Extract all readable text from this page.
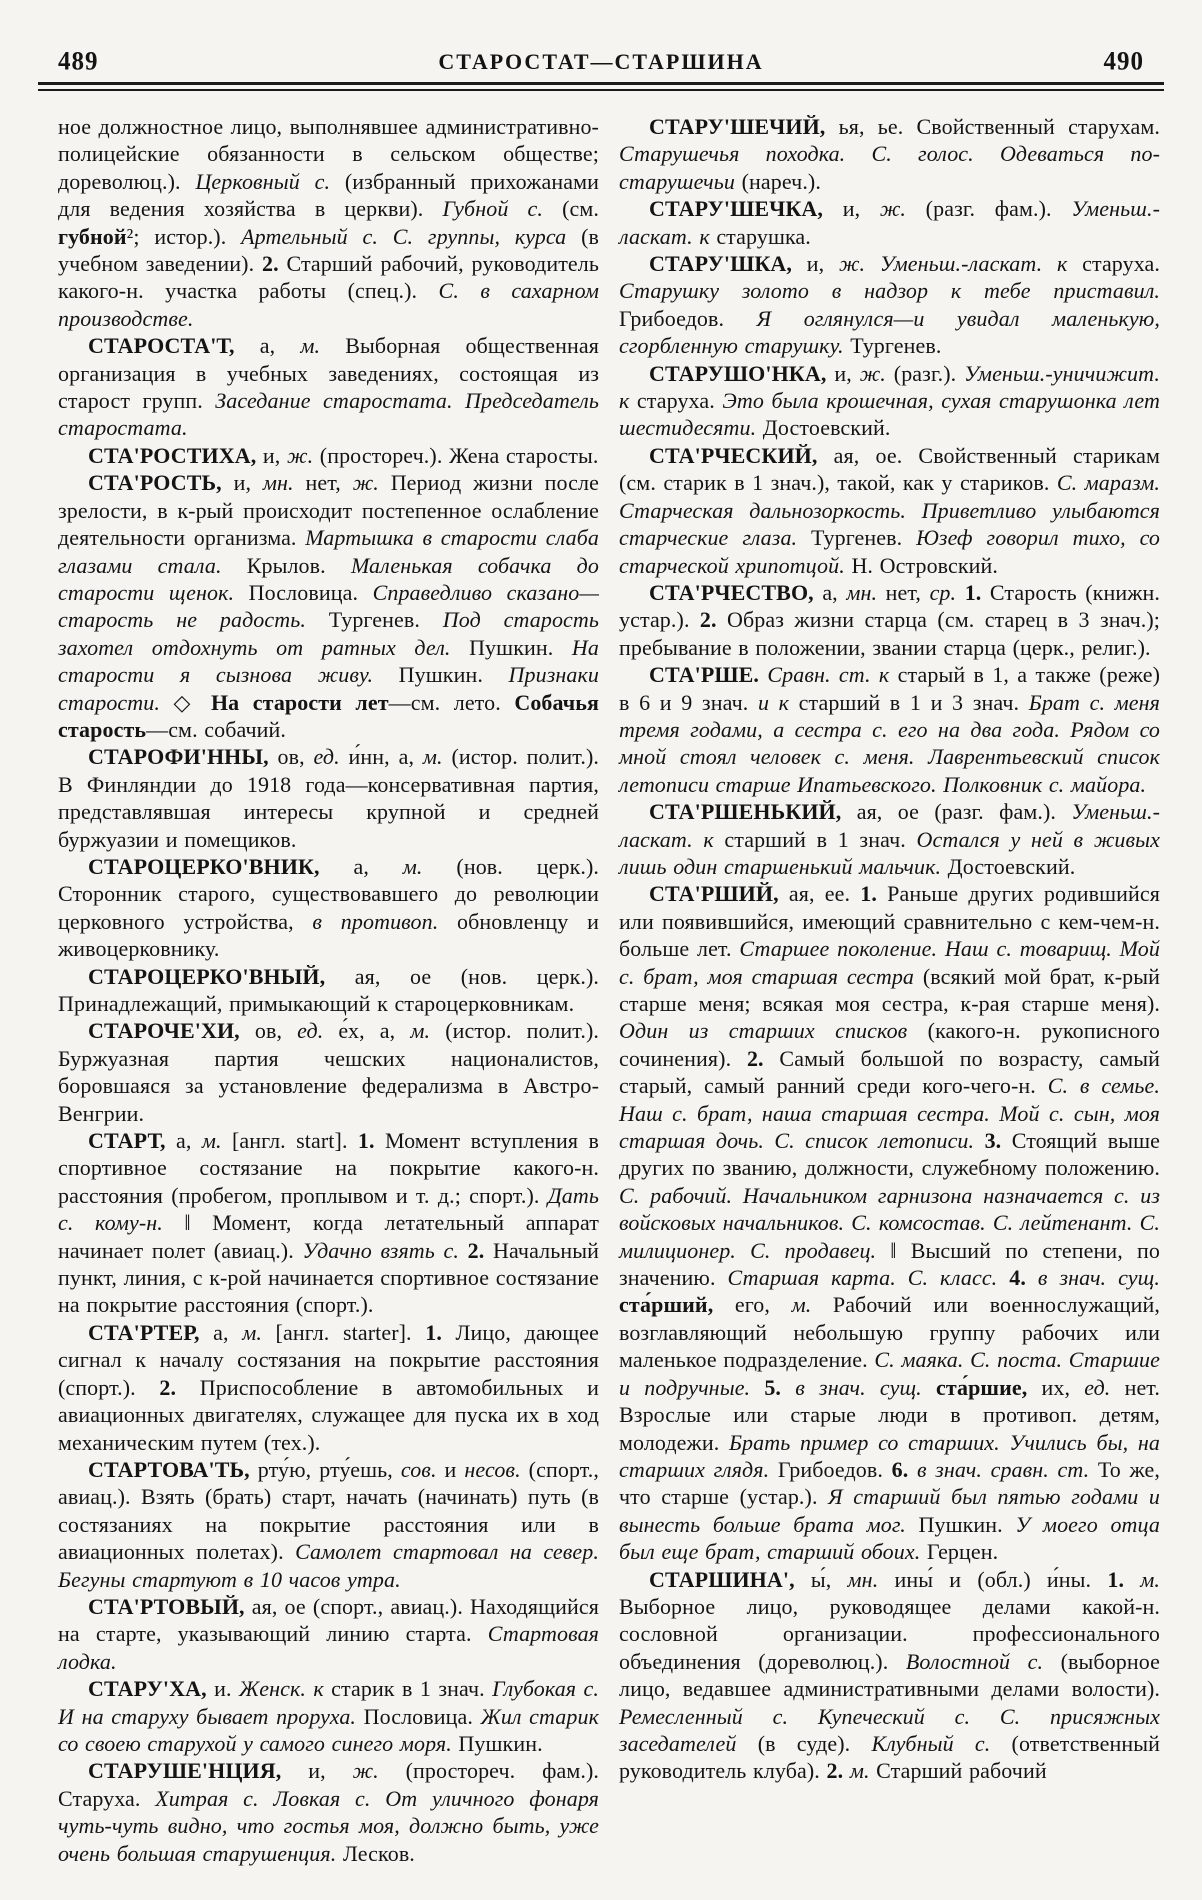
489	СТАРОСТАТ—СТАРШИНА	490

ное должностное лицо, выполнявшее административно-полицейские обязанности в сельском обществе; дореволюц.). Церковный с. (избранный прихожанами для ведения хозяйства в церкви). Губной с. (см. губной²; истор.). Артельный с. С. группы, курса (в учебном заведении). 2. Старший рабочий, руководитель какого-н. участка работы (спец.). С. в сахарном производстве.

СТАРОСТА'Т, а, м. Выборная общественная организация в учебных заведениях, состоящая из старост групп. Заседание старостата. Председатель старостата.

СТА'РОСТИХА, и, ж. (простореч.). Жена старосты.

СТА'РОСТЬ, и, мн. нет, ж. Период жизни после зрелости, в к-рый происходит постепенное ослабление деятельности организма. Мартышка в старости слаба глазами стала. Крылов. Маленькая собачка до старости щенок. Пословица. Справедливо сказано—старость не радость. Тургенев. Под старость захотел отдохнуть от ратных дел. Пушкин. На старости я сызнова живу. Пушкин. Признаки старости. ◇ На старости лет—см. лето. Собачья старость—см. собачий.

СТАРОФИ'ННЫ, ов, ед. и́нн, а, м. (истор. полит.). В Финляндии до 1918 года—консервативная партия, представлявшая интересы крупной и средней буржуазии и помещиков.

СТАРОЦЕРКО'ВНИК, а, м. (нов. церк.). Сторонник старого, существовавшего до революции церковного устройства, в противоп. обновленцу и живоцерковнику.

СТАРОЦЕРКО'ВНЫЙ, ая, ое (нов. церк.). Принадлежащий, примыкающий к староцерковникам.

СТАРОЧЕ'ХИ, ов, ед. е́х, а, м. (истор. полит.). Буржуазная партия чешских националистов, боровшаяся за установление федерализма в Австро-Венгрии.

СТАРТ, а, м. [англ. start]. 1. Момент вступления в спортивное состязание на покрытие какого-н. расстояния (пробегом, проплывом и т. д.; спорт.). Дать с. кому-н. ‖ Момент, когда летательный аппарат начинает полет (авиац.). Удачно взять с. 2. Начальный пункт, линия, с к-рой начинается спортивное состязание на покрытие расстояния (спорт.).

СТА'РТЕР, а, м. [англ. starter]. 1. Лицо, дающее сигнал к началу состязания на покрытие расстояния (спорт.). 2. Приспособление в автомобильных и авиационных двигателях, служащее для пуска их в ход механическим путем (тех.).

СТАРТОВА'ТЬ, рту́ю, рту́ешь, сов. и несов. (спорт., авиац.). Взять (брать) старт, начать (начинать) путь (в состязаниях на покрытие расстояния или в авиационных полетах). Самолет стартовал на север. Бегуны стартуют в 10 часов утра.

СТА'РТОВЫЙ, ая, ое (спорт., авиац.). Находящийся на старте, указывающий линию старта. Стартовая лодка.

СТАРУ'ХА, и. Женск. к старик в 1 знач. Глубокая с. И на старуху бывает проруха. Пословица. Жил старик со своею старухой у самого синего моря. Пушкин.

СТАРУШЕ'НЦИЯ, и, ж. (простореч. фам.). Старуха. Хитрая с. Ловкая с. От уличного фонаря чуть-чуть видно, что гостья моя, должно быть, уже очень большая старушенция. Лесков.

СТАРУ'ШЕЧИЙ, ья, ье. Свойственный старухам. Старушечья походка. С. голос. Одеваться по-старушечьи (нареч.).

СТАРУ'ШЕЧКА, и, ж. (разг. фам.). Уменьш.-ласкат. к старушка.

СТАРУ'ШКА, и, ж. Уменьш.-ласкат. к старуха. Старушку золото в надзор к тебе приставил. Грибоедов. Я оглянулся—и увидал маленькую, сгорбленную старушку. Тургенев.

СТАРУШО'НКА, и, ж. (разг.). Уменьш.-уничижит. к старуха. Это была крошечная, сухая старушонка лет шестидесяти. Достоевский.

СТА'РЧЕСКИЙ, ая, ое. Свойственный старикам (см. старик в 1 знач.), такой, как у стариков. С. маразм. Старческая дальнозоркость. Приветливо улыбаются старческие глаза. Тургенев. Юзеф говорил тихо, со старческой хрипотцой. Н. Островский.

СТА'РЧЕСТВО, а, мн. нет, ср. 1. Старость (книжн. устар.). 2. Образ жизни старца (см. старец в 3 знач.); пребывание в положении, звании старца (церк., религ.).

СТА'РШЕ. Сравн. ст. к старый в 1, а также (реже) в 6 и 9 знач. и к старший в 1 и 3 знач. Брат с. меня тремя годами, а сестра с. его на два года. Рядом со мной стоял человек с. меня. Лаврентьевский список летописи старше Ипатьевского. Полковник с. майора.

СТА'РШЕНЬКИЙ, ая, ое (разг. фам.). Уменьш.-ласкат. к старший в 1 знач. Остался у ней в живых лишь один старшенький мальчик. Достоевский.

СТА'РШИЙ, ая, ее. 1. Раньше других родившийся или появившийся, имеющий сравнительно с кем-чем-н. больше лет. Старшее поколение. Наш с. товарищ. Мой с. брат, моя старшая сестра (всякий мой брат, к-рый старше меня; всякая моя сестра, к-рая старше меня). Один из старших списков (какого-н. рукописного сочинения). 2. Самый большой по возрасту, самый старый, самый ранний среди кого-чего-н. С. в семье. Наш с. брат, наша старшая сестра. Мой с. сын, моя старшая дочь. С. список летописи. 3. Стоящий выше других по званию, должности, служебному положению. С. рабочий. Начальником гарнизона назначается с. из войсковых начальников. С. комсостав. С. лейтенант. С. милиционер. С. продавец. ‖ Высший по степени, по значению. Старшая карта. С. класс. 4. в знач. сущ. ста́рший, его, м. Рабочий или военнослужащий, возглавляющий небольшую группу рабочих или маленькое подразделение. С. маяка. С. поста. Старшие и подручные. 5. в знач. сущ. ста́ршие, их, ед. нет. Взрослые или старые люди в противоп. детям, молодежи. Брать пример со старших. Учились бы, на старших глядя. Грибоедов. 6. в знач. сравн. ст. То же, что старше (устар.). Я старший был пятью годами и вынесть больше брата мог. Пушкин. У моего отца был еще брат, старший обоих. Герцен.

СТАРШИНА', ы́, мн. ины́ и (обл.) и́ны. 1. м. Выборное лицо, руководящее делами какой-н. сословной организации. профессионального объединения (дореволюц.). Волостной с. (выборное лицо, ведавшее административными делами волости). Ремесленный с. Купеческий с. С. присяжных заседателей (в суде). Клубный с. (ответственный руководитель клуба). 2. м. Старший рабочий
